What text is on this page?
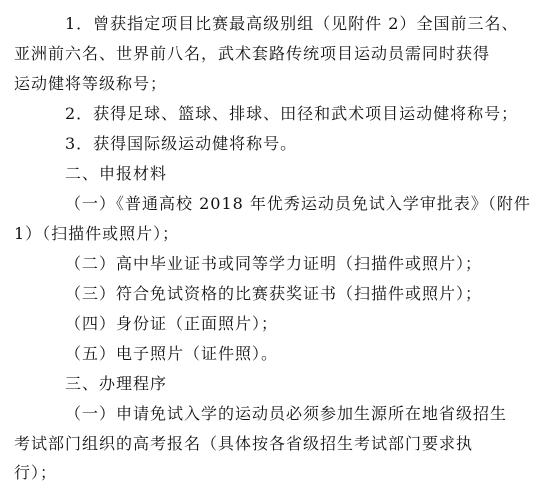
1．曾获指定项目比赛最高级别组（见附件 2）全国前三名、
亚洲前六名、世界前八名，武术套路传统项目运动员需同时获得
运动健将等级称号；
2．获得足球、篮球、排球、田径和武术项目运动健将称号；
3．获得国际级运动健将称号。
二、申报材料
（一）《普通高校 2018 年优秀运动员免试入学审批表》（附件
1）（扫描件或照片）；
（二）高中毕业证书或同等学力证明（扫描件或照片）；
（三）符合免试资格的比赛获奖证书（扫描件或照片）；
（四）身份证（正面照片）；
（五）电子照片（证件照）。
三、办理程序
（一）申请免试入学的运动员必须参加生源所在地省级招生
考试部门组织的高考报名（具体按各省级招生考试部门要求执
行）；
